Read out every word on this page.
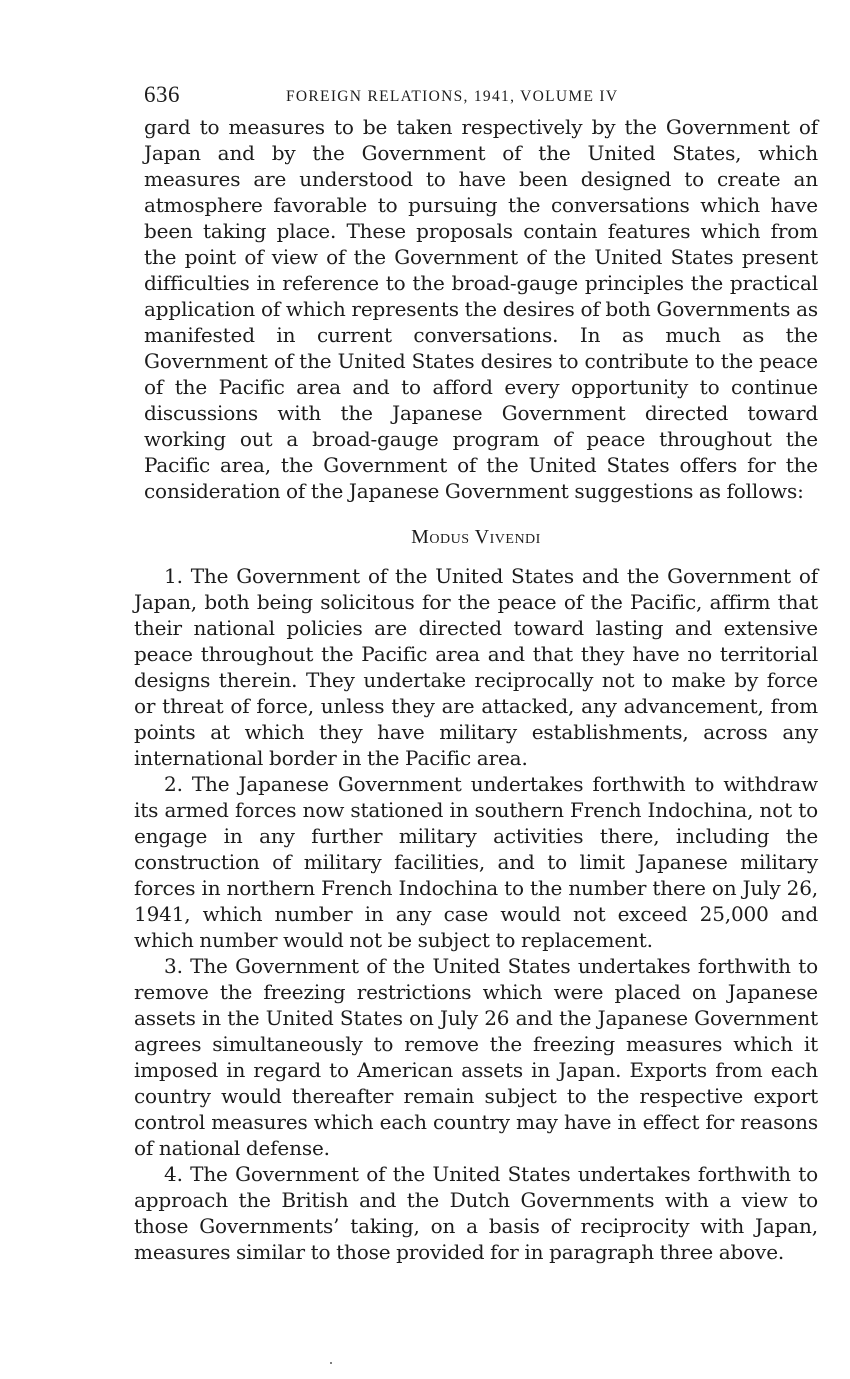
636	FOREIGN RELATIONS, 1941, VOLUME IV

gard to measures to be taken respectively by the Government of Japan and by the Government of the United States, which measures are understood to have been designed to create an atmosphere favorable to pursuing the conversations which have been taking place. These proposals contain features which from the point of view of the Government of the United States present difficulties in reference to the broad-gauge principles the practical application of which represents the desires of both Governments as manifested in current conversations. In as much as the Government of the United States desires to contribute to the peace of the Pacific area and to afford every opportunity to continue discussions with the Japanese Government directed toward working out a broad-gauge program of peace throughout the Pacific area, the Government of the United States offers for the consideration of the Japanese Government suggestions as follows:

Modus Vivendi

1. The Government of the United States and the Government of Japan, both being solicitous for the peace of the Pacific, affirm that their national policies are directed toward lasting and extensive peace throughout the Pacific area and that they have no territorial designs therein. They undertake reciprocally not to make by force or threat of force, unless they are attacked, any advancement, from points at which they have military establishments, across any international border in the Pacific area.

2. The Japanese Government undertakes forthwith to withdraw its armed forces now stationed in southern French Indochina, not to engage in any further military activities there, including the construction of military facilities, and to limit Japanese military forces in northern French Indochina to the number there on July 26, 1941, which number in any case would not exceed 25,000 and which number would not be subject to replacement.

3. The Government of the United States undertakes forthwith to remove the freezing restrictions which were placed on Japanese assets in the United States on July 26 and the Japanese Government agrees simultaneously to remove the freezing measures which it imposed in regard to American assets in Japan. Exports from each country would thereafter remain subject to the respective export control measures which each country may have in effect for reasons of national defense.

4. The Government of the United States undertakes forthwith to approach the British and the Dutch Governments with a view to those Governments’ taking, on a basis of reciprocity with Japan, measures similar to those provided for in paragraph three above.
